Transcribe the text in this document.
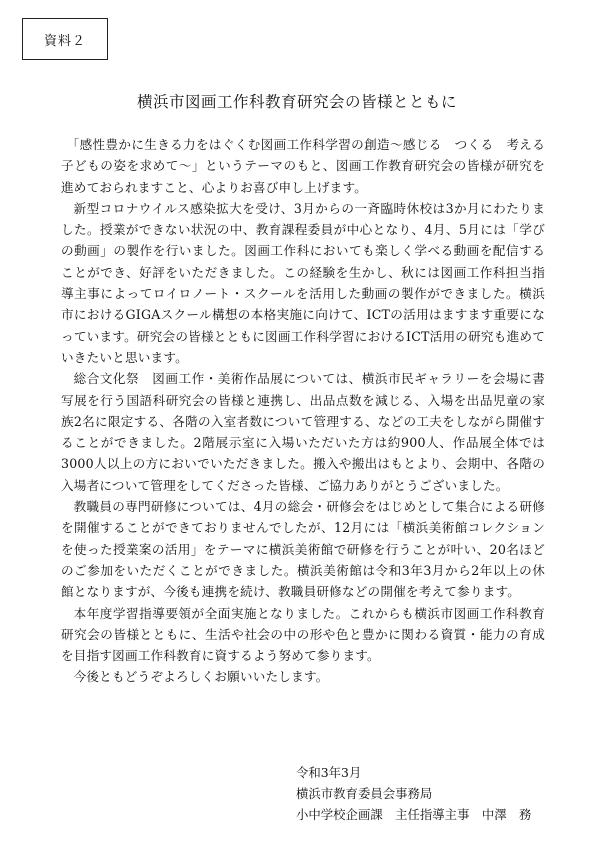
資料２
横浜市図画工作科教育研究会の皆様とともに

「感性豊かに生きる力をはぐくむ図画工作科学習の創造～感じる　つくる　考える子どもの姿を求めて～」というテーマのもと、図画工作教育研究会の皆様が研究を進めておられますこと、心よりお喜び申し上げます。

新型コロナウイルス感染拡大を受け、3月からの一斉臨時休校は3か月にわたりました。授業ができない状況の中、教育課程委員が中心となり、4月、5月には「学びの動画」の製作を行いました。図画工作科においても楽しく学べる動画を配信することができ、好評をいただきました。この経験を生かし、秋には図画工作科担当指導主事によってロイロノート・スクールを活用した動画の製作ができました。横浜市におけるGIGAスクール構想の本格実施に向けて、ICTの活用はますます重要になっています。研究会の皆様とともに図画工作科学習におけるICT活用の研究も進めていきたいと思います。

総合文化祭　図画工作・美術作品展については、横浜市民ギャラリーを会場に書写展を行う国語科研究会の皆様と連携し、出品点数を減じる、入場を出品児童の家族2名に限定する、各階の入室者数について管理する、などの工夫をしながら開催することができました。2階展示室に入場いただいた方は約900人、作品展全体では3000人以上の方においでいただきました。搬入や搬出はもとより、会期中、各階の入場者について管理をしてくださった皆様、ご協力ありがとうございました。

教職員の専門研修については、4月の総会・研修会をはじめとして集合による研修を開催することができておりませんでしたが、12月には「横浜美術館コレクションを使った授業案の活用」をテーマに横浜美術館で研修を行うことが叶い、20名ほどのご参加をいただくことができました。横浜美術館は令和3年3月から2年以上の休館となりますが、今後も連携を続け、教職員研修などの開催を考えて参ります。

本年度学習指導要領が全面実施となりました。これからも横浜市図画工作科教育研究会の皆様とともに、生活や社会の中の形や色と豊かに関わる資質・能力の育成を目指す図画工作科教育に資するよう努めて参ります。

今後ともどうぞよろしくお願いいたします。

令和3年3月
横浜市教育委員会事務局
小中学校企画課　主任指導主事　中澤　務
